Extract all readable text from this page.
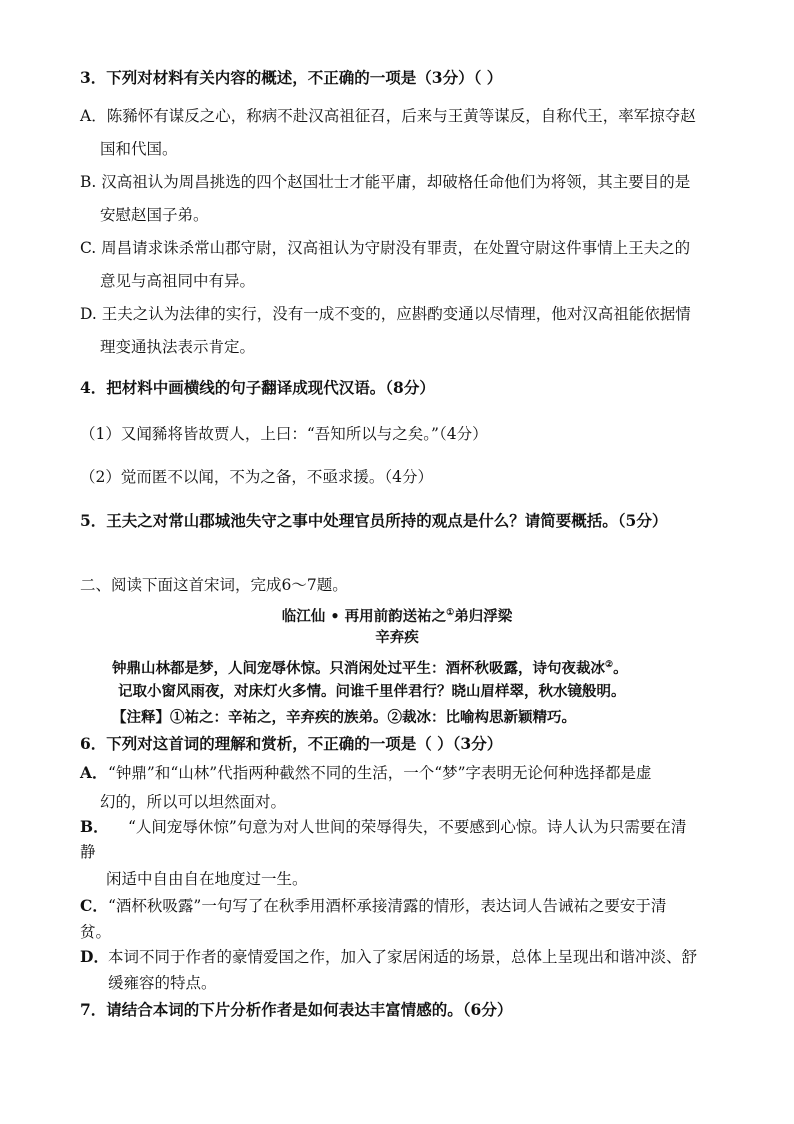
3．下列对材料有关内容的概述，不正确的一项是（3分）（ ）
A．陈豨怀有谋反之心，称病不赴汉高祖征召，后来与王黄等谋反，自称代王，率军掠夺赵
国和代国。
B. 汉高祖认为周昌挑选的四个赵国壮士才能平庸，却破格任命他们为将领，其主要目的是
安慰赵国子弟。
C. 周昌请求诛杀常山郡守尉，汉高祖认为守尉没有罪责，在处置守尉这件事情上王夫之的
意见与高祖同中有异。
D. 王夫之认为法律的实行，没有一成不变的，应斟酌变通以尽情理，他对汉高祖能依据情
理变通执法表示肯定。
4．把材料中画横线的句子翻译成现代汉语。（8分）
（1）又闻豨将皆故贾人，上曰：“吾知所以与之矣。”（4分）
（2）觉而匿不以闻，不为之备，不亟求援。（4分）
5．王夫之对常山郡城池失守之事中处理官员所持的观点是什么？请简要概括。（5分）
二、阅读下面这首宋词，完成6～7题。
临江仙 • 再用前韵送祐之①弟归浮梁
辛弃疾
钟鼎山林都是梦，人间宠辱休惊。只消闲处过平生：酒杯秋吸露，诗句夜裁冰②。
记取小窗风雨夜，对床灯火多情。问谁千里伴君行？晓山眉样翠，秋水镜般明。
【注释】①祐之：辛祐之，辛弃疾的族弟。②裁冰：比喻构思新颖精巧。
6．下列对这首词的理解和赏析，不正确的一项是（ ）（3分）
A．“钟鼎”和“山林”代指两种截然不同的生活，一个“梦”字表明无论何种选择都是虚
幻的，所以可以坦然面对。
B． “人间宠辱休惊”句意为对人世间的荣辱得失，不要感到心惊。诗人认为只需要在清
静
闲适中自由自在地度过一生。
C．“酒杯秋吸露”一句写了在秋季用酒杯承接清露的情形，表达词人告诫祐之要安于清
贫。
D．本词不同于作者的豪情爱国之作，加入了家居闲适的场景，总体上呈现出和谐冲淡、舒
缓雍容的特点。
7．请结合本词的下片分析作者是如何表达丰富情感的。（6分）
